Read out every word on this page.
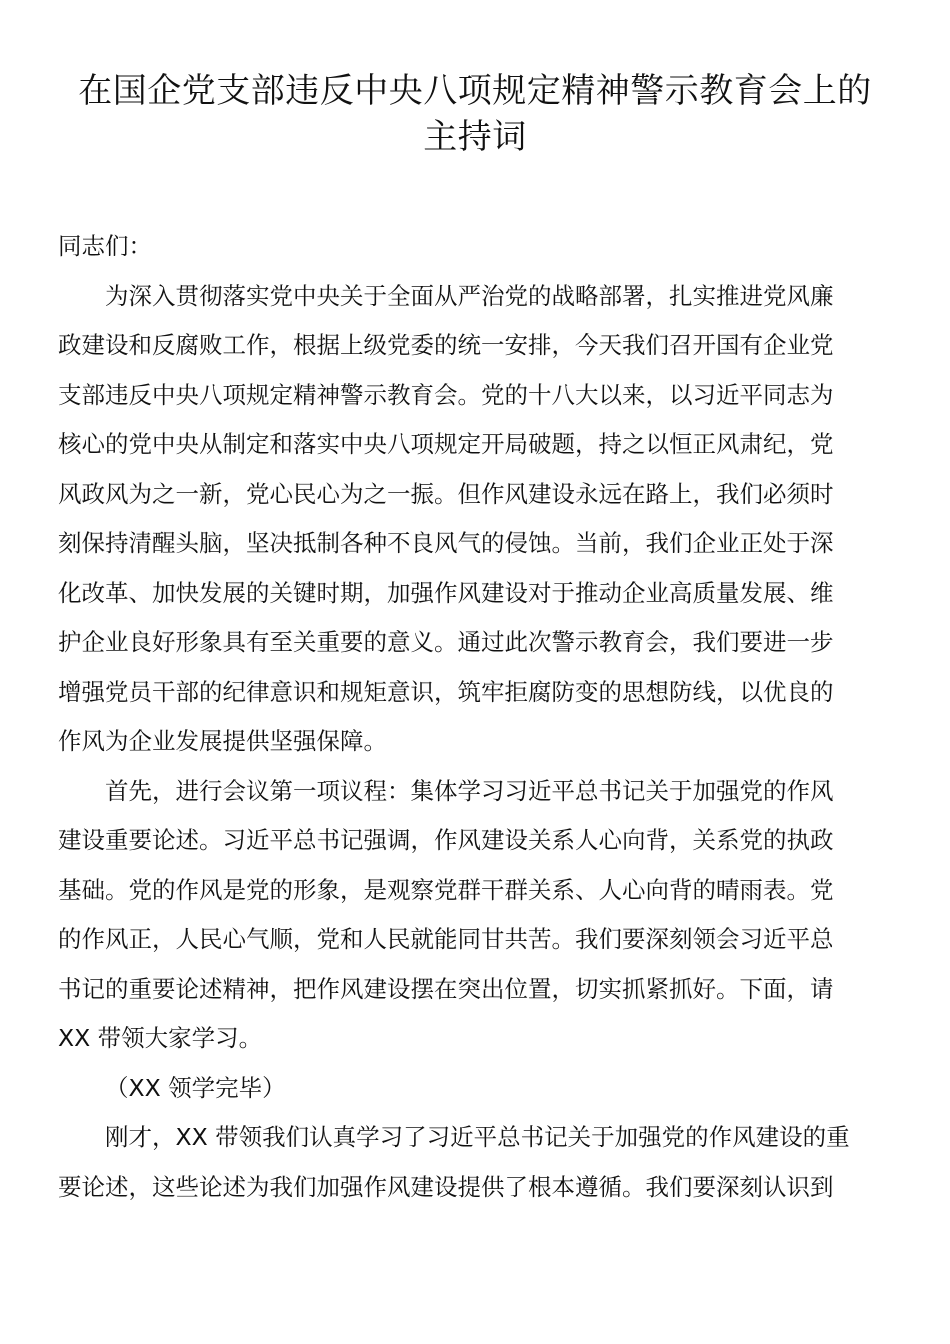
在国企党支部违反中央八项规定精神警示教育会上的
主持词

同志们：

为深入贯彻落实党中央关于全面从严治党的战略部署，扎实推进党风廉
政建设和反腐败工作，根据上级党委的统一安排，今天我们召开国有企业党
支部违反中央八项规定精神警示教育会。党的十八大以来，以习近平同志为
核心的党中央从制定和落实中央八项规定开局破题，持之以恒正风肃纪，党
风政风为之一新，党心民心为之一振。但作风建设永远在路上，我们必须时
刻保持清醒头脑，坚决抵制各种不良风气的侵蚀。当前，我们企业正处于深
化改革、加快发展的关键时期，加强作风建设对于推动企业高质量发展、维
护企业良好形象具有至关重要的意义。通过此次警示教育会，我们要进一步
增强党员干部的纪律意识和规矩意识，筑牢拒腐防变的思想防线，以优良的
作风为企业发展提供坚强保障。

首先，进行会议第一项议程：集体学习习近平总书记关于加强党的作风
建设重要论述。习近平总书记强调，作风建设关系人心向背，关系党的执政
基础。党的作风是党的形象，是观察党群干群关系、人心向背的晴雨表。党
的作风正，人民心气顺，党和人民就能同甘共苦。我们要深刻领会习近平总
书记的重要论述精神，把作风建设摆在突出位置，切实抓紧抓好。下面，请
XX 带领大家学习。

（XX 领学完毕）

刚才，XX 带领我们认真学习了习近平总书记关于加强党的作风建设的重
要论述，这些论述为我们加强作风建设提供了根本遵循。我们要深刻认识到
